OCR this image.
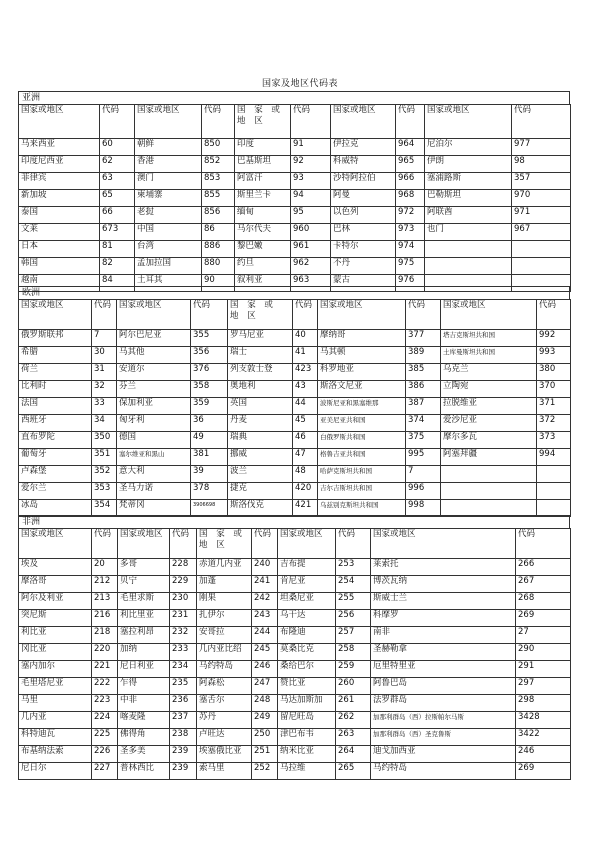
国家及地区代码表
亚洲
国家或地区	代码	国家或地区	代码	国 家 或 地 区	代码	国家或地区	代码	国家或地区	代码
马来西亚	60	朝鲜	850	印度	91	伊拉克	964	尼泊尔	977
印度尼西亚	62	香港	852	巴基斯坦	92	科威特	965	伊朗	98
菲律宾	63	澳门	853	阿富汗	93	沙特阿拉伯	966	塞浦路斯	357
新加坡	65	柬埔寨	855	斯里兰卡	94	阿曼	968	巴勒斯坦	970
泰国	66	老挝	856	缅甸	95	以色列	972	阿联酋	971
文莱	673	中国	86	马尔代夫	960	巴林	973	也门	967
日本	81	台湾	886	黎巴嫩	961	卡特尔	974		
韩国	82	孟加拉国	880	约旦	962	不丹	975		
越南	84	土耳其	90	叙利亚	963	蒙古	976		
欧洲
国家或地区	代码	国家或地区	代码	国 家 或 地 区	代码	国家或地区	代码	国家或地区	代码
俄罗斯联邦	7	阿尔巴尼亚	355	罗马尼亚	40	摩纳哥	377	塔吉克斯坦共和国	992
希腊	30	马其他	356	瑞士	41	马其顿	389	土库曼斯坦共和国	993
荷兰	31	安道尔	376	列支敦士登	423	科罗地亚	385	乌克兰	380
比利时	32	芬兰	358	奥地利	43	斯洛文尼亚	386	立陶宛	370
法国	33	保加利亚	359	英国	44	波斯尼亚和黑塞维那	387	拉脱维亚	371
西班牙	34	匈牙利	36	丹麦	45	亚美尼亚共和国	374	爱沙尼亚	372
直布罗陀	350	德国	49	瑞典	46	白俄罗斯共和国	375	摩尔多瓦	373
葡萄牙	351	塞尔维亚和黑山	381	挪威	47	格鲁吉亚共和国	995	阿塞拜疆	994
卢森堡	352	意大利	39	波兰	48	哈萨克斯坦共和国	7		
爱尔兰	353	圣马力诺	378	捷克	420	吉尔吉斯坦共和国	996		
冰岛	354	梵蒂冈	3906698	斯洛伐克	421	乌兹别克斯坦共和国	998		
非洲
国家或地区	代码	国家或地区	代码	国 家 或 地 区	代码	国家或地区	代码	国家或地区	代码
埃及	20	多哥	228	赤道几内亚	240	吉布提	253	莱索托	266
摩洛哥	212	贝宁	229	加蓬	241	肯尼亚	254	博茨瓦纳	267
阿尔及利亚	213	毛里求斯	230	刚果	242	坦桑尼亚	255	斯威士兰	268
突尼斯	216	利比里亚	231	扎伊尔	243	乌干达	256	科摩罗	269
利比亚	218	塞拉利昂	232	安哥拉	244	布隆迪	257	南非	27
冈比亚	220	加纳	233	几内亚比绍	245	莫桑比克	258	圣赫勒拿	290
塞内加尔	221	尼日利亚	234	马约特岛	246	桑给巴尔	259	厄里特里亚	291
毛里塔尼亚	222	乍得	235	阿森松	247	赞比亚	260	阿鲁巴岛	297
马里	223	中非	236	塞舌尔	248	马达加斯加	261	法罗群岛	298
几内亚	224	喀麦隆	237	苏丹	249	留尼旺岛	262	加那利群岛（西）拉斯帕尔马斯	3428
科特迪瓦	225	佛得角	238	卢旺达	250	津巴布韦	263	加那利群岛（西）圣克鲁斯	3422
布基纳法索	226	圣多美	239	埃塞俄比亚	251	纳米比亚	264	迪戈加西亚	246
尼日尔	227	普林西比	239	索马里	252	马拉维	265	马约特岛	269
